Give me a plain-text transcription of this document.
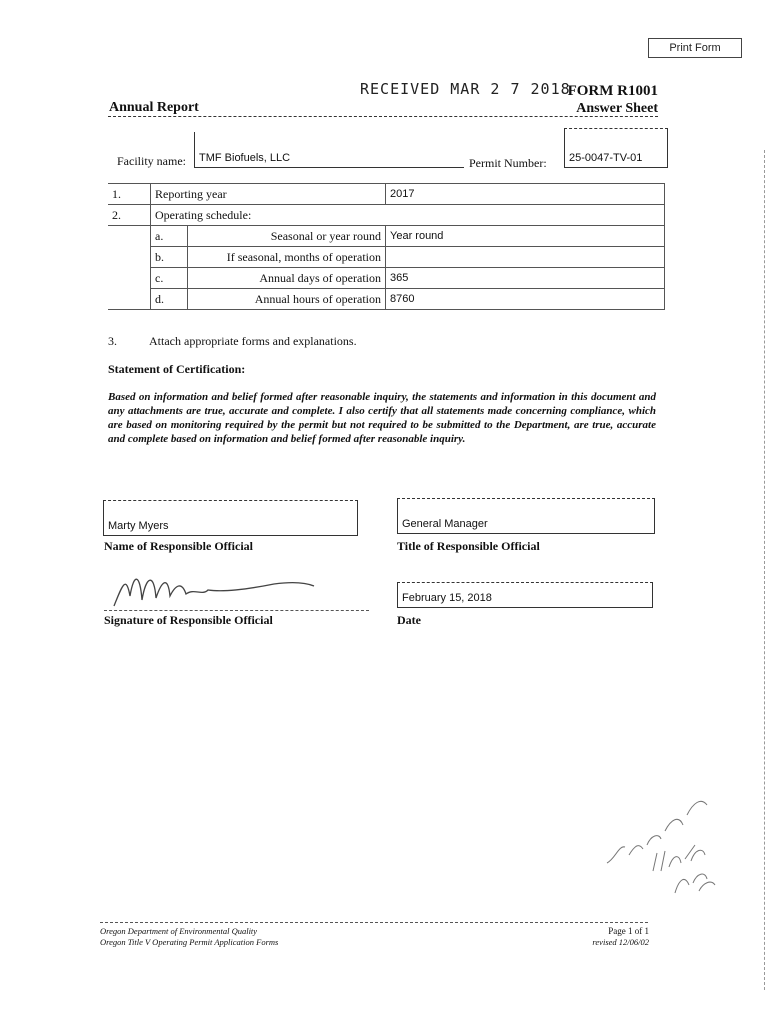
Print Form
RECEIVED MAR 2 7 2018
FORM R1001
Answer Sheet
Annual Report
Facility name: TMF Biofuels, LLC	Permit Number: 25-0047-TV-01
1.	Reporting year		2017
2.	Operating schedule:		
	a.	Seasonal or year round	Year round
	b.	If seasonal, months of operation	
	c.	Annual days of operation	365
	d.	Annual hours of operation	8760
3.	Attach appropriate forms and explanations.
Statement of Certification:
Based on information and belief formed after reasonable inquiry, the statements and information in this document and any attachments are true, accurate and complete. I also certify that all statements made concerning compliance, which are based on monitoring required by the permit but not required to be submitted to the Department, are true, accurate and complete based on information and belief formed after reasonable inquiry.
Marty Myers
Name of Responsible Official
General Manager
Title of Responsible Official
Signature of Responsible Official
February 15, 2018
Date
Oregon Department of Environmental Quality
Oregon Title V Operating Permit Application Forms
Page 1 of 1
revised 12/06/02
